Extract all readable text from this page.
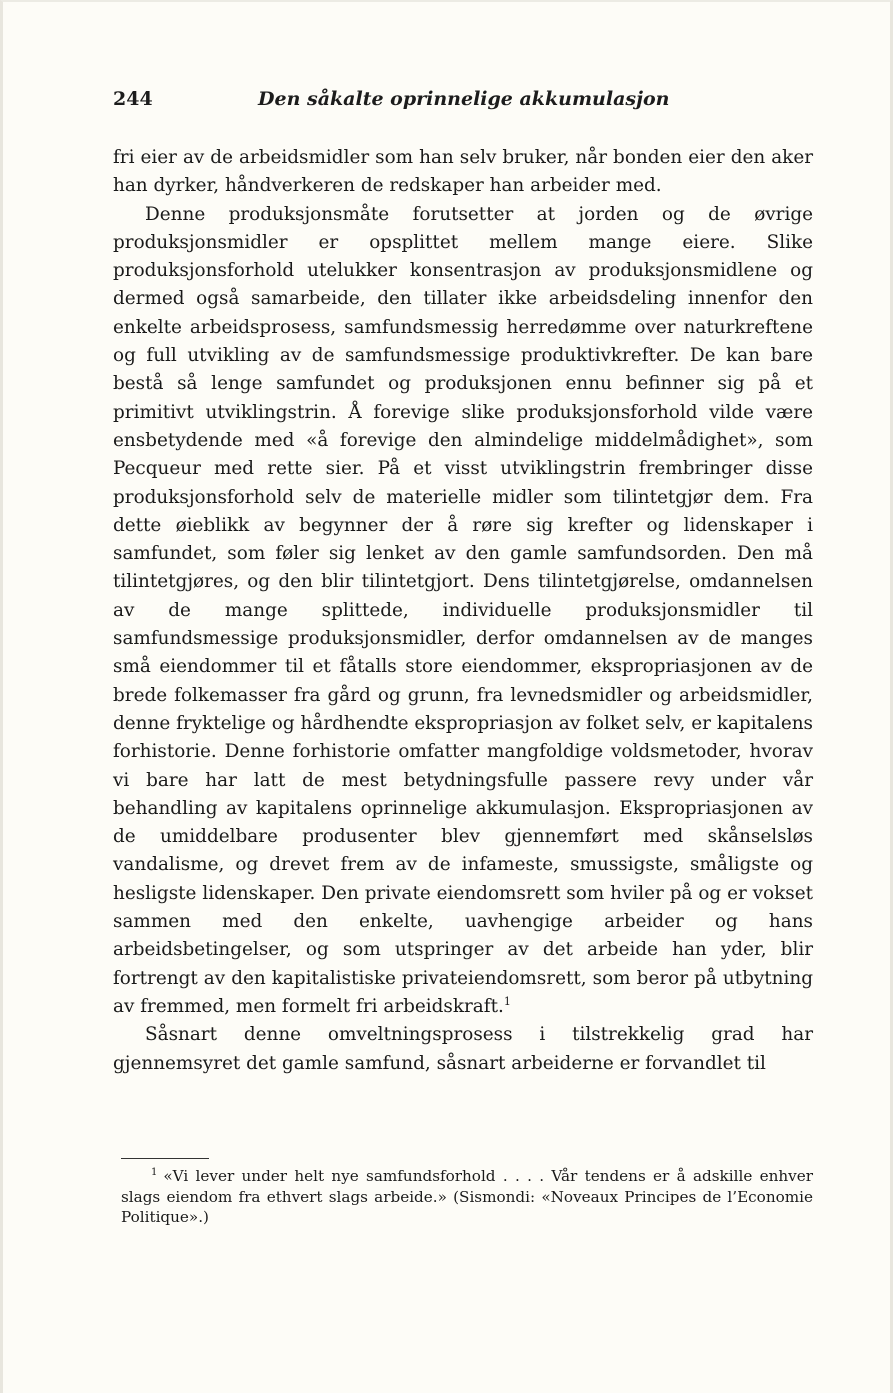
244	Den såkalte oprinnelige akkumulasjon

fri eier av de arbeidsmidler som han selv bruker, når bonden eier den aker han dyrker, håndverkeren de redskaper han arbeider med.

Denne produksjonsmåte forutsetter at jorden og de øvrige produksjonsmidler er opsplittet mellem mange eiere. Slike produksjonsforhold utelukker konsentrasjon av produksjonsmidlene og dermed også samarbeide, den tillater ikke arbeidsdeling innenfor den enkelte arbeidsprosess, samfundsmessig herredømme over naturkreftene og full utvikling av de samfundsmessige produktivkrefter. De kan bare bestå så lenge samfundet og produksjonen ennu befinner sig på et primitivt utviklingstrin. Å forevige slike produksjonsforhold vilde være ensbetydende med «å forevige den almindelige middelmådighet», som Pecqueur med rette sier. På et visst utviklingstrin frembringer disse produksjonsforhold selv de materielle midler som tilintetgjør dem. Fra dette øieblikk av begynner der å røre sig krefter og lidenskaper i samfundet, som føler sig lenket av den gamle samfundsorden. Den må tilintetgjøres, og den blir tilintetgjort. Dens tilintetgjørelse, omdannelsen av de mange splittede, individuelle produksjonsmidler til samfundsmessige produksjonsmidler, derfor omdannelsen av de manges små eiendommer til et fåtalls store eiendommer, ekspropriasjonen av de brede folkemasser fra gård og grunn, fra levnedsmidler og arbeidsmidler, denne fryktelige og hårdhendte ekspropriasjon av folket selv, er kapitalens forhistorie. Denne forhistorie omfatter mangfoldige voldsmetoder, hvorav vi bare har latt de mest betydningsfulle passere revy under vår behandling av kapitalens oprinnelige akkumulasjon. Ekspropriasjonen av de umiddelbare produsenter blev gjennemført med skånselsløs vandalisme, og drevet frem av de infameste, smussigste, småligste og hesligste lidenskaper. Den private eiendomsrett som hviler på og er vokset sammen med den enkelte, uavhengige arbeider og hans arbeidsbetingelser, og som utspringer av det arbeide han yder, blir fortrengt av den kapitalistiske privateiendomsrett, som beror på utbytning av fremmed, men formelt fri arbeidskraft.$^1$

Såsnart denne omveltningsprosess i tilstrekkelig grad har gjennemsyret det gamle samfund, såsnart arbeiderne er forvandlet til

$^1$ «Vi lever under helt nye samfundsforhold . . . . Vår tendens er å adskille enhver slags eiendom fra ethvert slags arbeide.» (Sismondi: «Noveaux Principes de l’Economie Politique».)
